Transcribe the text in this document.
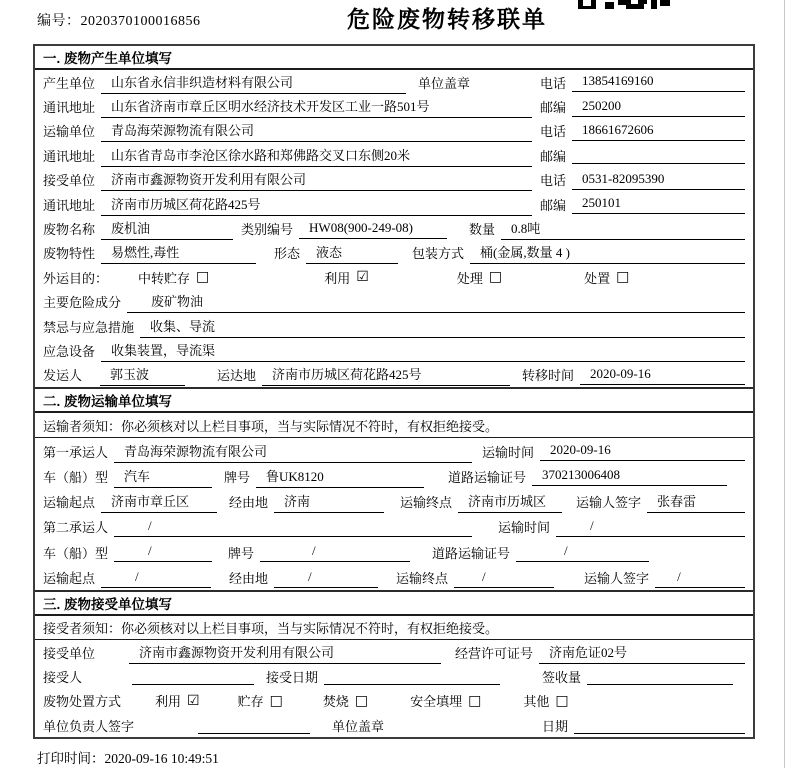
编号：2020370100016856	危险废物转移联单
一. 废物产生单位填写
产生单位	山东省永信非织造材料有限公司	单位盖章	电话	13854169160
通讯地址	山东省济南市章丘区明水经济技术开发区工业一路501号	邮编	250200
运输单位	青岛海荣源物流有限公司	电话	18661672606
通讯地址	山东省青岛市李沧区徐水路和郑佛路交叉口东侧20米	邮编
接受单位	济南市鑫源物资开发利用有限公司	电话	0531-82095390
通讯地址	济南市历城区荷花路425号	邮编	250101
废物名称	废机油	类别编号	HW08(900-249-08)	数量	0.8吨
废物特性	易燃性,毒性	形态	液态	包装方式	桶(金属,数量 4 )
外运目的： 中转贮存 □	利用 ☑	处理 □	处置 □
主要危险成分	废矿物油
禁忌与应急措施	收集、导流
应急设备	收集装置，导流渠
发运人	郭玉波	运达地	济南市历城区荷花路425号	转移时间	2020-09-16
二. 废物运输单位填写
运输者须知：你必须核对以上栏目事项，当与实际情况不符时，有权拒绝接受。
第一承运人	青岛海荣源物流有限公司	运输时间	2020-09-16
车（船）型	汽车	牌号	鲁UK8120	道路运输证号	370213006408
运输起点	济南市章丘区	经由地	济南	运输终点	济南市历城区	运输人签字	张春雷
第二承运人	/	运输时间	/
车（船）型	/	牌号	/	道路运输证号	/
运输起点	/	经由地	/	运输终点	/	运输人签字	/
三. 废物接受单位填写
接受者须知：你必须核对以上栏目事项，当与实际情况不符时，有权拒绝接受。
接受单位	济南市鑫源物资开发利用有限公司	经营许可证号	济南危证02号
接受人	接受日期	签收量
废物处置方式	利用 ☑	贮存 □	焚烧 □	安全填埋 □	其他 □
单位负责人签字	单位盖章	日期
打印时间：2020-09-16 10:49:51
